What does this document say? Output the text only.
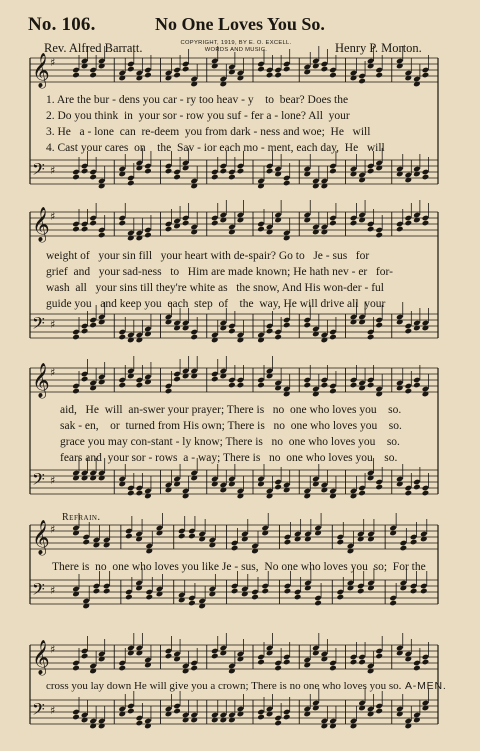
No. 106.	No One Loves You So.
Rev. Alfred Barratt.	COPYRIGHT, 1919, BY E. O. EXCELL.
WORDS AND MUSIC.	Henry P. Morton.
𝄞 ♯
𝄢 ♯
𝄞 ♯
𝄢 ♯
𝄞 ♯
𝄢 ♯
𝄞 ♯
𝄢 ♯
𝄞 ♯
𝄢 ♯
1. Are the bur - dens you car - ry too heav - y    to  bear? Does the
2. Do you think  in  your sor - row you suf - fer a - lone? All  your
3. He   a - lone  can  re-deem  you from dark - ness and woe;  He   will
4. Cast your cares  on    the  Sav - ior each mo - ment, each day,  He   will
weight of   your sin fill   your heart with de-spair? Go to   Je - sus   for
grief  and   your sad-ness   to   Him are made known; He hath nev - er   for-
wash  all   your sins till they're white as   the snow, And His won-der - ful
guide you   and keep you  each  step  of    the  way, He will drive all  your
aid,   He  will  an-swer your prayer; There is   no  one who loves you    so.
sak - en,    or  turned from His own; There is   no  one who loves you    so.
grace you may con-stant - ly know; There is   no  one who loves you    so.
fears and  your sor - rows  a - way; There is   no  one who loves you    so.
Refrain.
There is  no  one who loves you like Je - sus,  No one who loves you  so;  For the
cross you lay down He will give you a crown; There is no one who loves you so. A-MEN.
